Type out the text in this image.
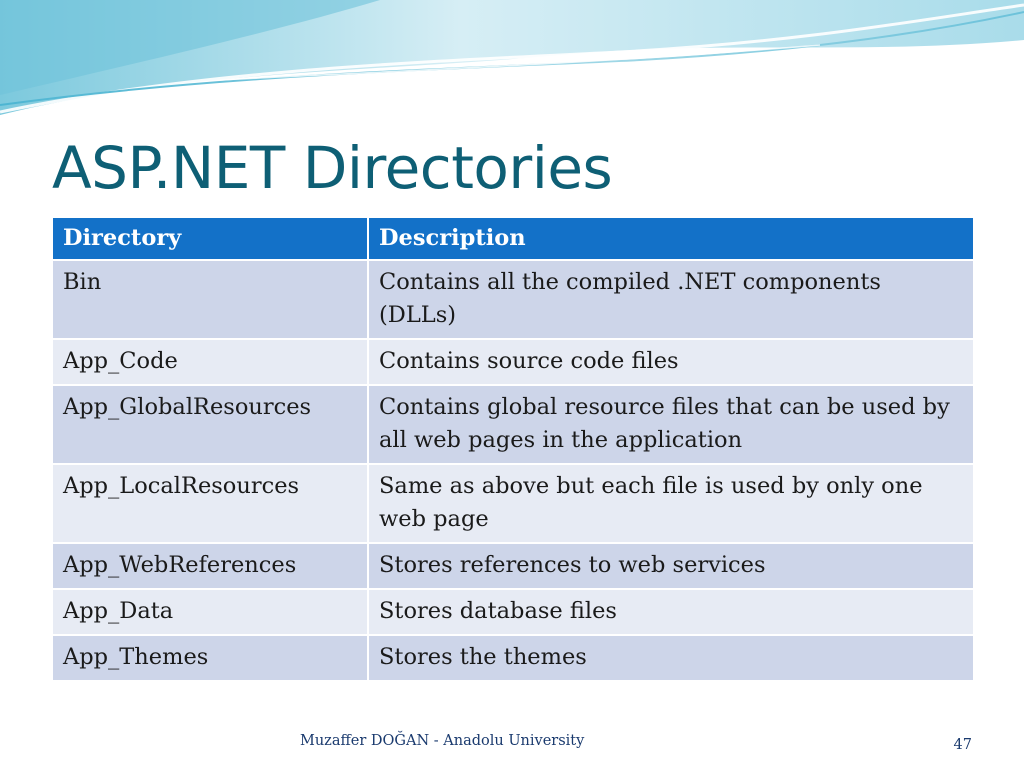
ASP.NET Directories
Directory	Description
Bin	Contains all the compiled .NET components (DLLs)
App_Code	Contains source code files
App_GlobalResources	Contains global resource files that can be used by all web pages in the application
App_LocalResources	Same as above but each file is used by only one web page
App_WebReferences	Stores references to web services
App_Data	Stores database files
App_Themes	Stores the themes
Muzaffer DOĞAN - Anadolu University	47
